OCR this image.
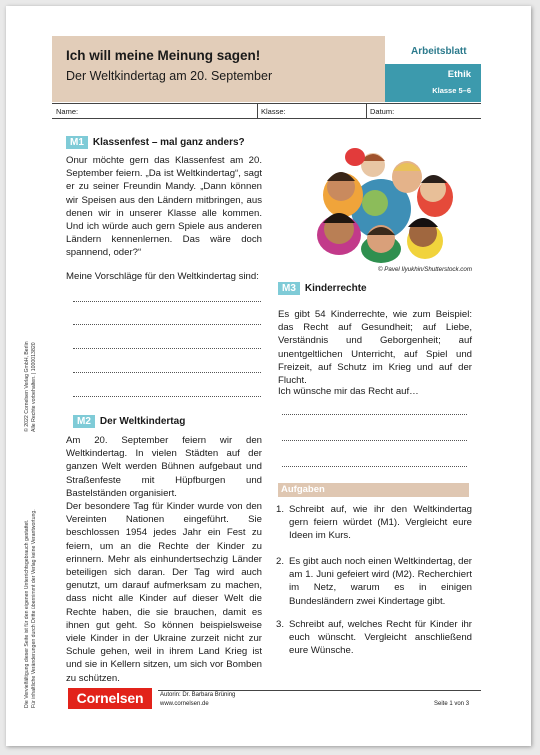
© 2022 Cornelsen Verlag GmbH, Berlin Alle Rechte vorbehalten. | 1000013820
Die Vervielfältigung dieser Seite ist für den eigenen Unterrichtsgebrauch gestattet. Für inhaltliche Veränderungen durch Dritte übernimmt der Verlag keine Verantwortung.
Ich will meine Meinung sagen!
Der Weltkindertag am 20. September
Arbeitsblatt
Ethik
Klasse 5–6
Name:	Klasse:	Datum:
M1 Klassenfest – mal ganz anders?

Onur möchte gern das Klassenfest am 20. September feiern. „Da ist Weltkindertag“, sagt er zu seiner Freundin Mandy. „Dann können wir Speisen aus den Ländern mitbringen, aus denen wir in unserer Klasse alle kommen. Und ich würde auch gern Spiele aus anderen Ländern kennenlernen. Das wäre doch spannend, oder?“

Meine Vorschläge für den Weltkindertag sind:

M2 Der Weltkindertag

Am 20. September feiern wir den Weltkindertag. In vielen Städten auf der ganzen Welt werden Bühnen aufgebaut und Straßenfeste mit Hüpfburgen und Bastelständen organisiert.

Der besondere Tag für Kinder wurde von den Vereinten Nationen eingeführt. Sie beschlossen 1954 jedes Jahr ein Fest zu feiern, um an die Rechte der Kinder zu erinnern. Mehr als einhundertsechzig Länder beteiligen sich daran. Der Tag wird auch genutzt, um darauf aufmerksam zu machen, dass nicht alle Kinder auf dieser Welt die Rechte haben, die sie brauchen, damit es ihnen gut geht. So können beispielsweise viele Kinder in der Ukraine zurzeit nicht zur Schule gehen, weil in ihrem Land Krieg ist und sie in Kellern sitzen, um sich vor Bomben zu schützen.

© Pavel Ilyukhin/Shutterstock.com
M3 Kinderrechte

Es gibt 54 Kinderrechte, wie zum Beispiel: das Recht auf Gesundheit; auf Liebe, Verständnis und Geborgenheit; auf unentgeltlichen Unterricht, auf Spiel und Freizeit, auf Schutz im Krieg und auf der Flucht.

Ich wünsche mir das Recht auf…

Aufgaben
1. Schreibt auf, wie ihr den Weltkindertag gern feiern würdet (M1). Vergleicht eure Ideen im Kurs.
2. Es gibt auch noch einen Weltkindertag, der am 1. Juni gefeiert wird (M2). Recherchiert im Netz, warum es in einigen Bundesländern zwei Kindertage gibt.
3. Schreibt auf, welches Recht für Kinder ihr euch wünscht. Vergleicht anschließend eure Wünsche.
Cornelsen	Autorin: Dr. Barbara Brüning
www.cornelsen.de	Seite 1 von 3
